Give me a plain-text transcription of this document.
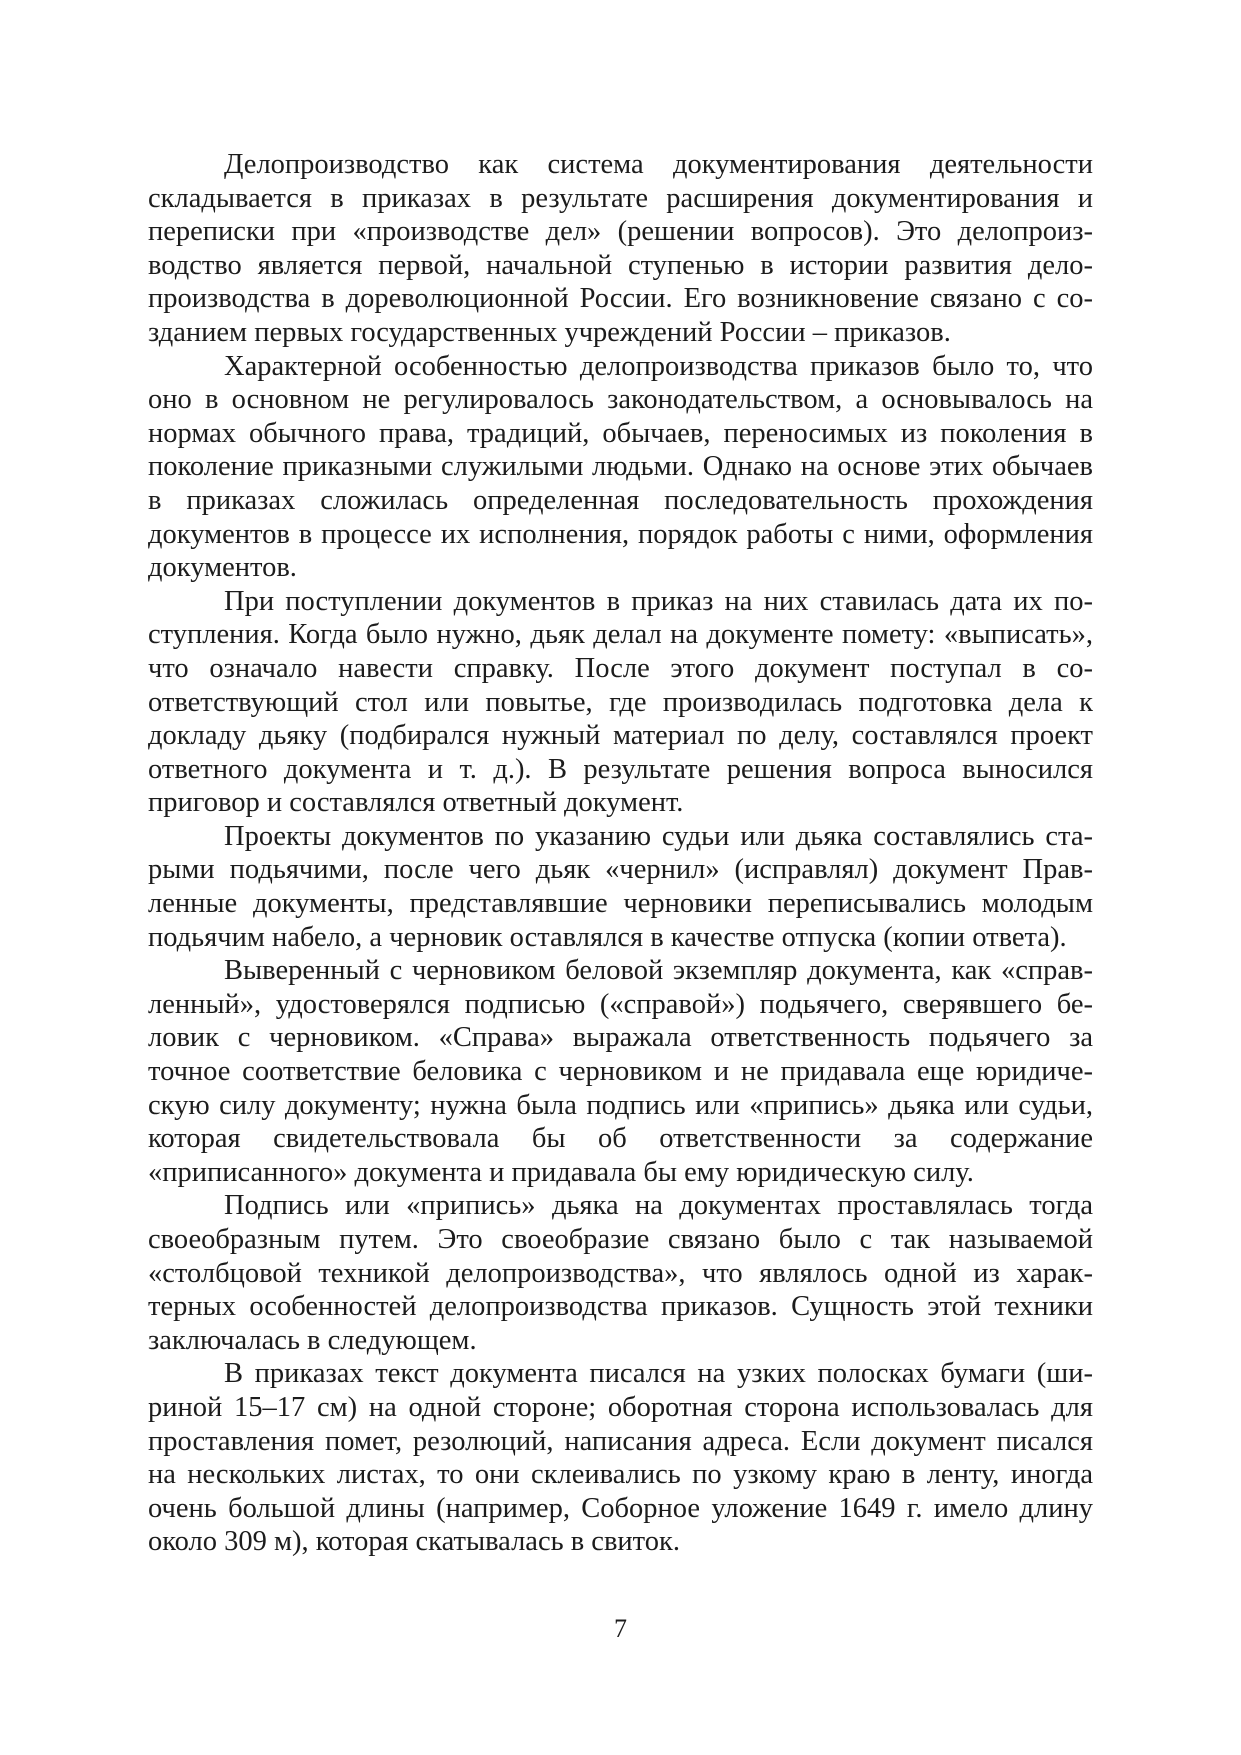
Делопроизводство как система документирования деятельности складывается в приказах в результате расширения документирования и переписки при «производстве дел» (решении вопросов). Это делопроизводство является первой, начальной ступенью в истории развития делопроизводства в дореволюционной России. Его возникновение связано с созданием первых государственных учреждений России – приказов.

Характерной особенностью делопроизводства приказов было то, что оно в основном не регулировалось законодательством, а основывалось на нормах обычного права, традиций, обычаев, переносимых из поколения в поколение приказными служилыми людьми. Однако на основе этих обычаев в приказах сложилась определенная последовательность прохождения документов в процессе их исполнения, порядок работы с ними, оформления документов.

При поступлении документов в приказ на них ставилась дата их поступления. Когда было нужно, дьяк делал на документе помету: «выписать», что означало навести справку. После этого документ поступал в соответствующий стол или повытье, где производилась подготовка дела к докладу дьяку (подбирался нужный материал по делу, составлялся проект ответного документа и т. д.). В результате решения вопроса выносился приговор и составлялся ответный документ.

Проекты документов по указанию судьи или дьяка составлялись старыми подьячими, после чего дьяк «чернил» (исправлял) документ Правленные документы, представлявшие черновики переписывались молодым подьячим набело, а черновик оставлялся в качестве отпуска (копии ответа).

Выверенный с черновиком беловой экземпляр документа, как «справленный», удостоверялся подписью («справой») подьячего, сверявшего беловик с черновиком. «Справа» выражала ответственность подьячего за точное соответствие беловика с черновиком и не придавала еще юридическую силу документу; нужна была подпись или «припись» дьяка или судьи, которая свидетельствовала бы об ответственности за содержание «приписанного» документа и придавала бы ему юридическую силу.

Подпись или «припись» дьяка на документах проставлялась тогда своеобразным путем. Это своеобразие связано было с так называемой «столбцовой техникой делопроизводства», что являлось одной из характерных особенностей делопроизводства приказов. Сущность этой техники заключалась в следующем.

В приказах текст документа писался на узких полосках бумаги (шириной 15–17 см) на одной стороне; оборотная сторона использовалась для проставления помет, резолюций, написания адреса. Если документ писался на нескольких листах, то они склеивались по узкому краю в ленту, иногда очень большой длины (например, Соборное уложение 1649 г. имело длину около 309 м), которая скатывалась в свиток.

7
